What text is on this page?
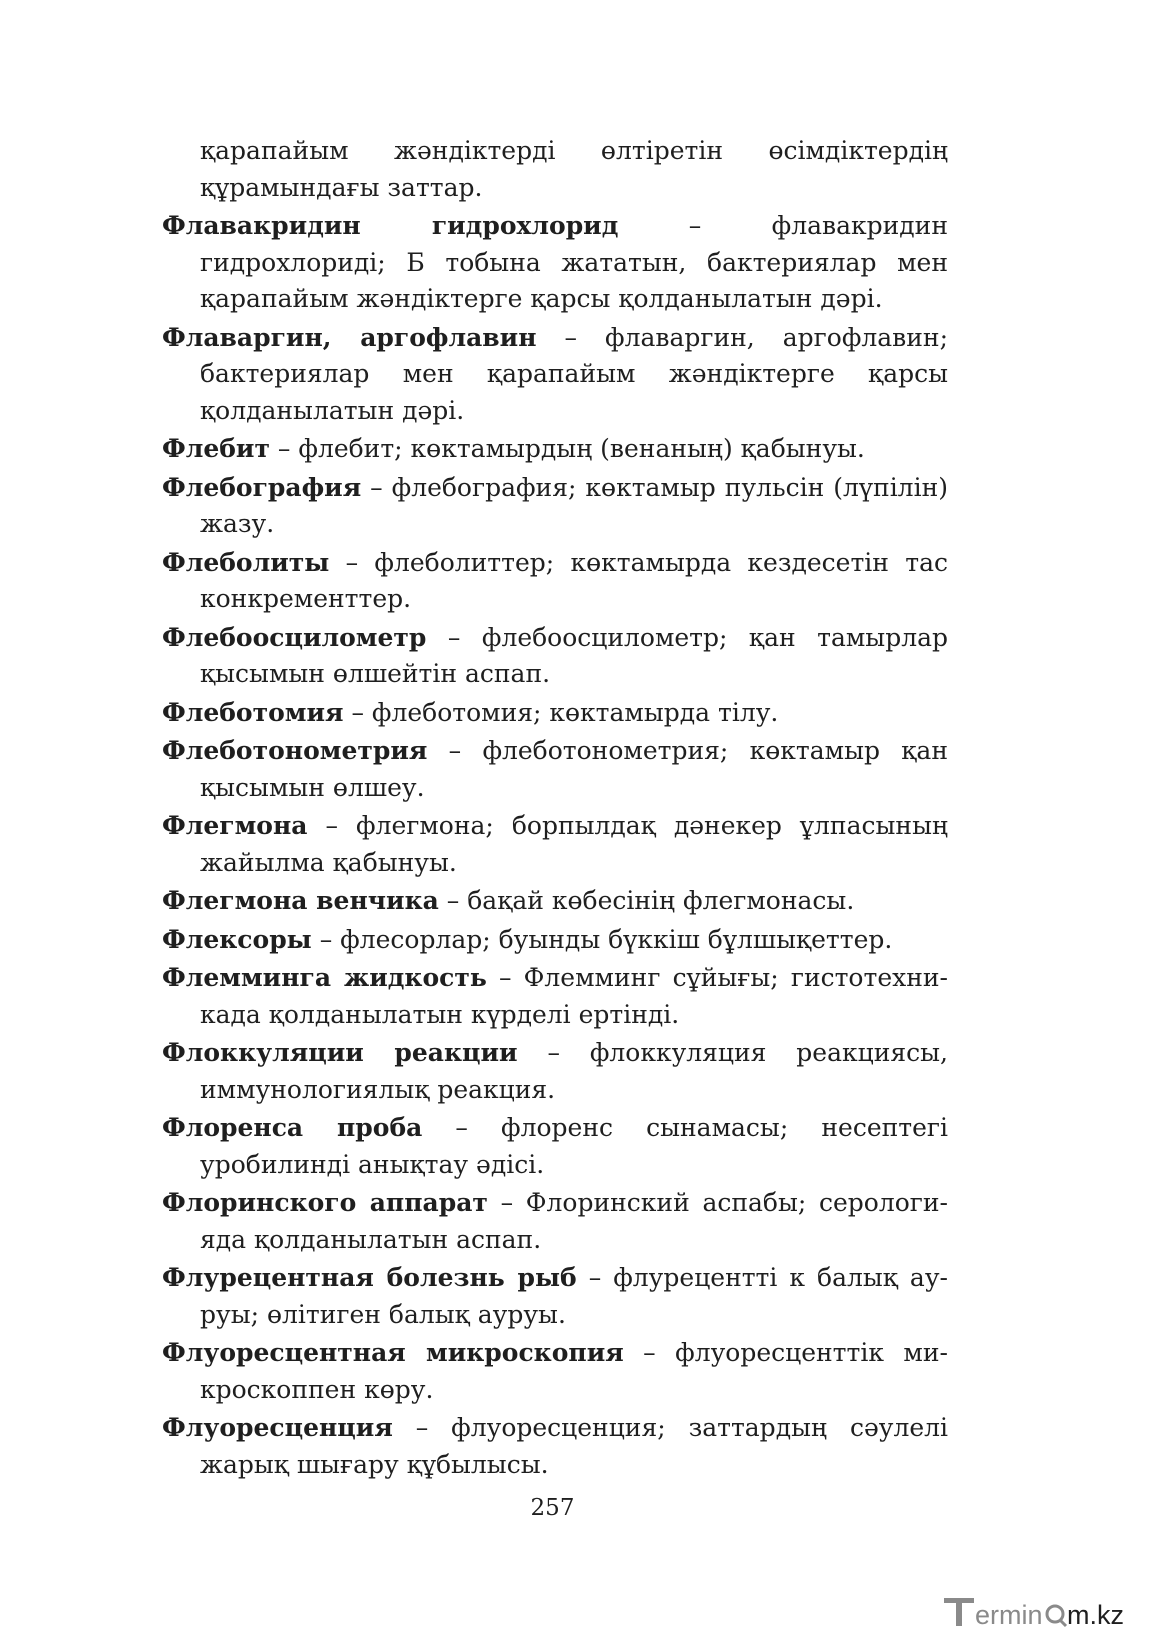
қарапайым жәндіктерді өлтіретін өсімдіктердің құрамындағы заттар.

Флавакридин гидрохлорид – флавакридин гидрохлориді; Б тобына жататын, бактериялар мен қарапайым жәндіктерге қарсы қолданылатын дәрі.

Флаваргин, аргофлавин – флаваргин, аргофлавин; бактериялар мен қарапайым жәндіктерге қарсы қолданылатын дәрі.

Флебит – флебит; көктамырдың (венаның) қабынуы.

Флебография – флебография; көктамыр пульсін (лүпілін) жазу.

Флеболиты – флеболиттер; көктамырда кездесетін тас конкременттер.

Флебоосцилометр – флебоосцилометр; қан тамырлар қысымын өлшейтін аспап.

Флеботомия – флеботомия; көктамырда тілу.

Флеботонометрия – флеботонометрия; көктамыр қан қысымын өлшеу.

Флегмона – флегмона; борпылдақ дәнекер ұлпасының жайылма қабынуы.

Флегмона венчика – бақай көбесінің флегмонасы.

Флексоры – флесорлар; буынды бүккіш бұлшықеттер.

Флемминга жидкость – Флемминг сұйығы; гистотехникада қолданылатын күрделі ертінді.

Флоккуляции реакции – флоккуляция реакциясы, иммунологиялық реакция.

Флоренса проба – флоренс сынамасы; несептегі уробилинді анықтау әдісі.

Флоринского аппарат – Флоринский аспабы; серологияда қолданылатын аспап.

Флурецентная болезнь рыб – флурецентті к балық ауруы; өлітиген балық ауруы.

Флуоресцентная микроскопия – флуоресценттік микроскоппен көру.

Флуоресценция – флуоресценция; заттардың сәулелі жарық шығару құбылысы.

257
ermin m.kz
